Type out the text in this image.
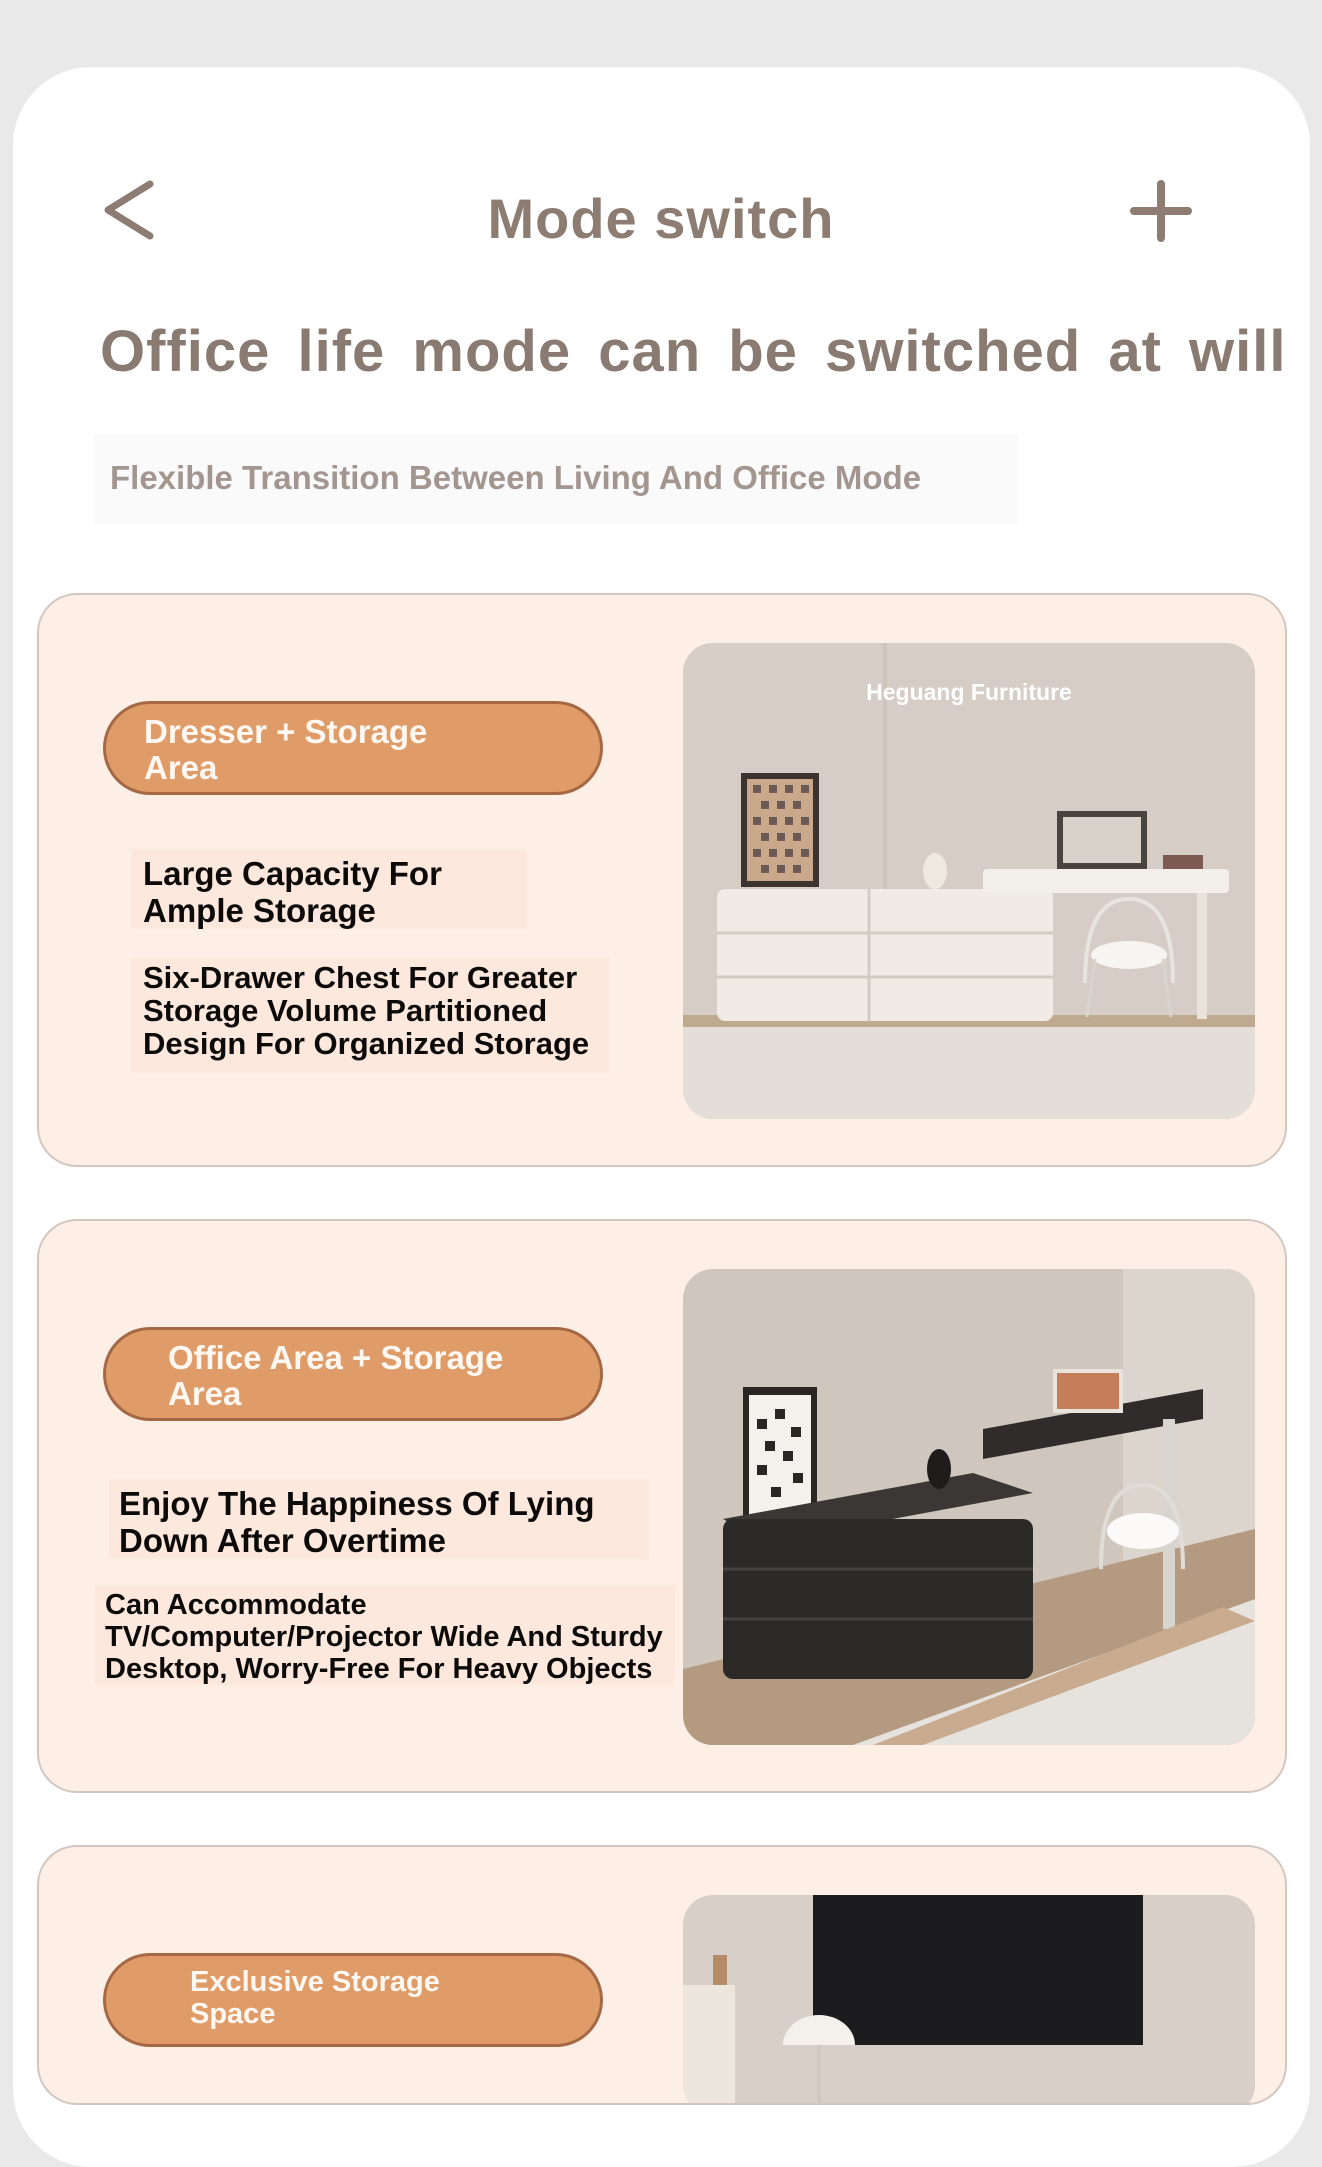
Mode switch
Office life mode can be switched at will
Flexible Transition Between Living And Office Mode
Dresser + Storage Area
Large Capacity For Ample Storage
Six-Drawer Chest For Greater Storage Volume Partitioned Design For Organized Storage
Heguang Furniture
Office Area + Storage Area
Enjoy The Happiness Of Lying Down After Overtime
Can Accommodate TV/Computer/Projector Wide And Sturdy Desktop, Worry-Free For Heavy Objects
Exclusive Storage Space
